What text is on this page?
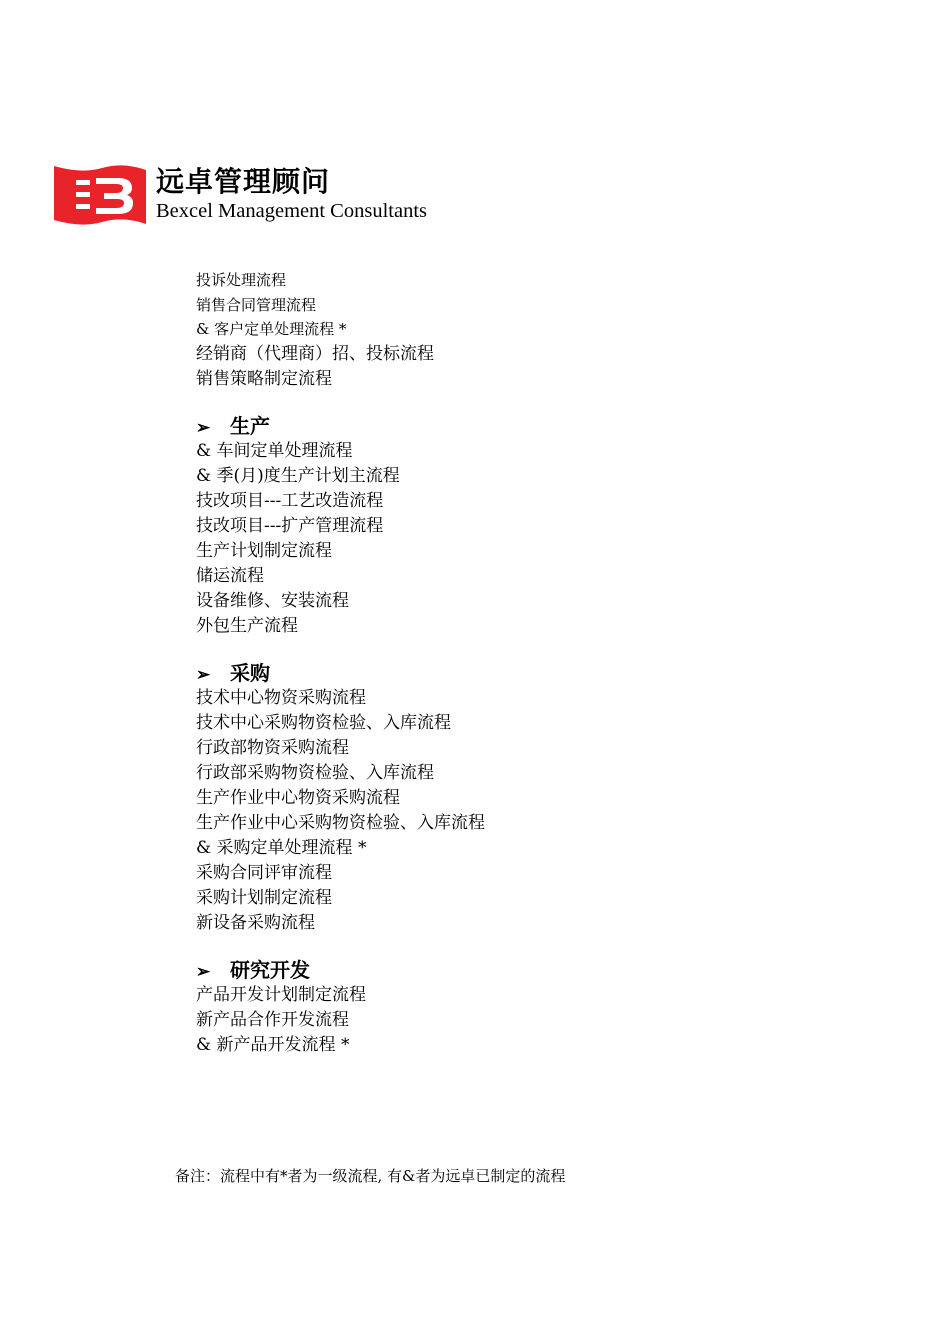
远卓管理顾问
Bexcel Management Consultants
投诉处理流程
销售合同管理流程
& 客户定单处理流程 *
经销商（代理商）招、投标流程
销售策略制定流程
➢ 生产
& 车间定单处理流程
& 季(月)度生产计划主流程
技改项目---工艺改造流程
技改项目---扩产管理流程
生产计划制定流程
储运流程
设备维修、安装流程
外包生产流程
➢ 采购
技术中心物资采购流程
技术中心采购物资检验、入库流程
行政部物资采购流程
行政部采购物资检验、入库流程
生产作业中心物资采购流程
生产作业中心采购物资检验、入库流程
& 采购定单处理流程 *
采购合同评审流程
采购计划制定流程
新设备采购流程
➢ 研究开发
产品开发计划制定流程
新产品合作开发流程
& 新产品开发流程 *
备注：流程中有*者为一级流程, 有&者为远卓已制定的流程
